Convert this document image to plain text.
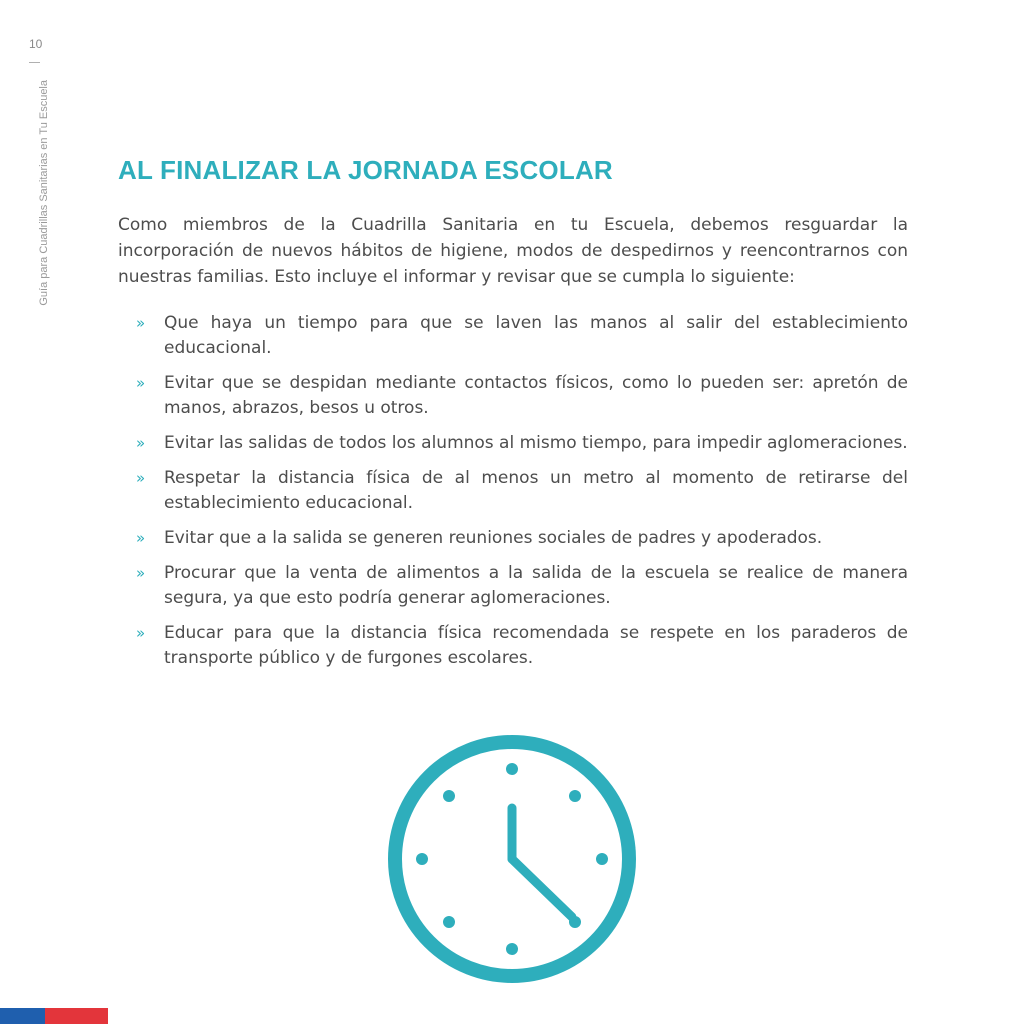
10
Guía para Cuadrillas Sanitarias en Tu Escuela	AL FINALIZAR LA JORNADA ESCOLAR

Como miembros de la Cuadrilla Sanitaria en tu Escuela, debemos resguardar la incorporación de nuevos hábitos de higiene, modos de despedirnos y reencontrarnos con nuestras familias. Esto incluye el informar y revisar que se cumpla lo siguiente:

» Que haya un tiempo para que se laven las manos al salir del establecimiento educacional.
» Evitar que se despidan mediante contactos físicos, como lo pueden ser: apretón de manos, abrazos, besos u otros.
» Evitar las salidas de todos los alumnos al mismo tiempo, para impedir aglomeraciones.
» Respetar la distancia física de al menos un metro al momento de retirarse del establecimiento educacional.
» Evitar que a la salida se generen reuniones sociales de padres y apoderados.
» Procurar que la venta de alimentos a la salida de la escuela se realice de manera segura, ya que esto podría generar aglomeraciones.
» Educar para que la distancia física recomendada se respete en los paraderos de transporte público y de furgones escolares.
